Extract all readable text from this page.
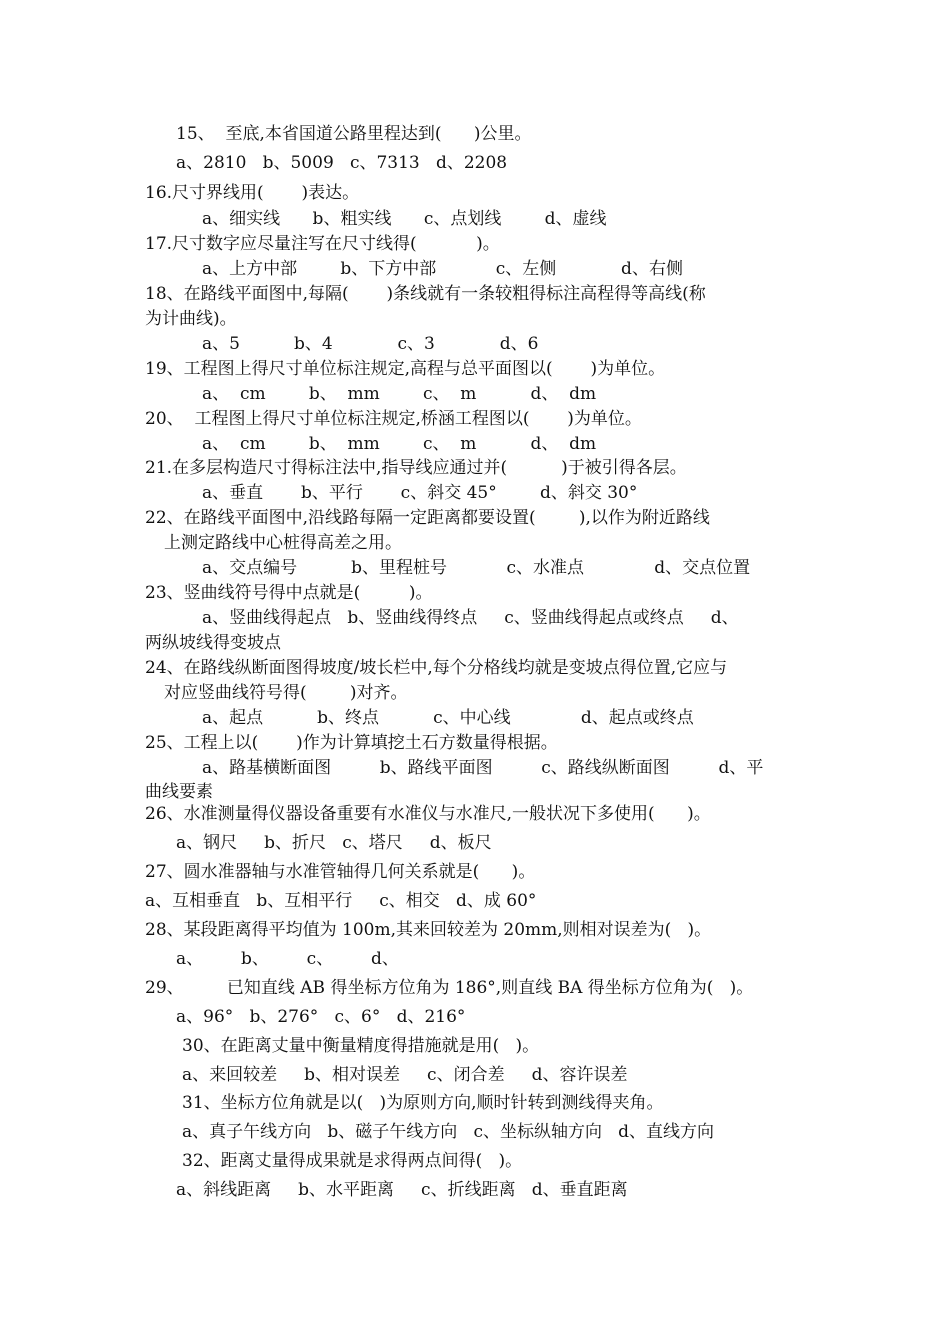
15、  至底,本省国道公路里程达到(      )公里。
a、2810   b、5009   c、7313   d、2208
16.尺寸界线用(       )表达。
a、细实线      b、粗实线      c、点划线        d、虚线
17.尺寸数字应尽量注写在尺寸线得(           )。
a、上方中部        b、下方中部           c、左侧            d、右侧
18、在路线平面图中,每隔(       )条线就有一条较粗得标注高程得等高线(称
为计曲线)。
a、5          b、4            c、3            d、6
19、工程图上得尺寸单位标注规定,高程与总平面图以(       )为单位。
a、  cm        b、  mm        c、  m          d、  dm
20、  工程图上得尺寸单位标注规定,桥涵工程图以(       )为单位。
a、  cm        b、  mm        c、  m          d、  dm
21.在多层构造尺寸得标注法中,指导线应通过并(          )于被引得各层。
a、垂直       b、平行       c、斜交 45°        d、斜交 30°
22、在路线平面图中,沿线路每隔一定距离都要设置(        ),以作为附近路线
上测定路线中心桩得高差之用。
a、交点编号          b、里程桩号           c、水准点             d、交点位置
23、竖曲线符号得中点就是(         )。
a、竖曲线得起点   b、竖曲线得终点     c、竖曲线得起点或终点     d、
两纵坡线得变坡点
24、在路线纵断面图得坡度/坡长栏中,每个分格线均就是变坡点得位置,它应与
对应竖曲线符号得(        )对齐。
a、起点          b、终点          c、中心线             d、起点或终点
25、工程上以(       )作为计算填挖土石方数量得根据。
a、路基横断面图         b、路线平面图         c、路线纵断面图         d、平
曲线要素
26、水准测量得仪器设备重要有水准仪与水准尺,一般状况下多使用(      )。
a、钢尺     b、折尺   c、塔尺     d、板尺
27、圆水准器轴与水准管轴得几何关系就是(      )。
a、互相垂直   b、互相平行     c、相交   d、成 60°
28、某段距离得平均值为 100m,其来回较差为 20mm,则相对误差为(   )。
a、       b、       c、       d、
29、        已知直线 AB 得坐标方位角为 186°,则直线 BA 得坐标方位角为(   )。
a、96°   b、276°   c、6°   d、216°
30、在距离丈量中衡量精度得措施就是用(   )。
a、来回较差     b、相对误差     c、闭合差     d、容许误差
31、坐标方位角就是以(   )为原则方向,顺时针转到测线得夹角。
a、真子午线方向   b、磁子午线方向   c、坐标纵轴方向   d、直线方向
32、距离丈量得成果就是求得两点间得(   )。
a、斜线距离     b、水平距离     c、折线距离   d、垂直距离
